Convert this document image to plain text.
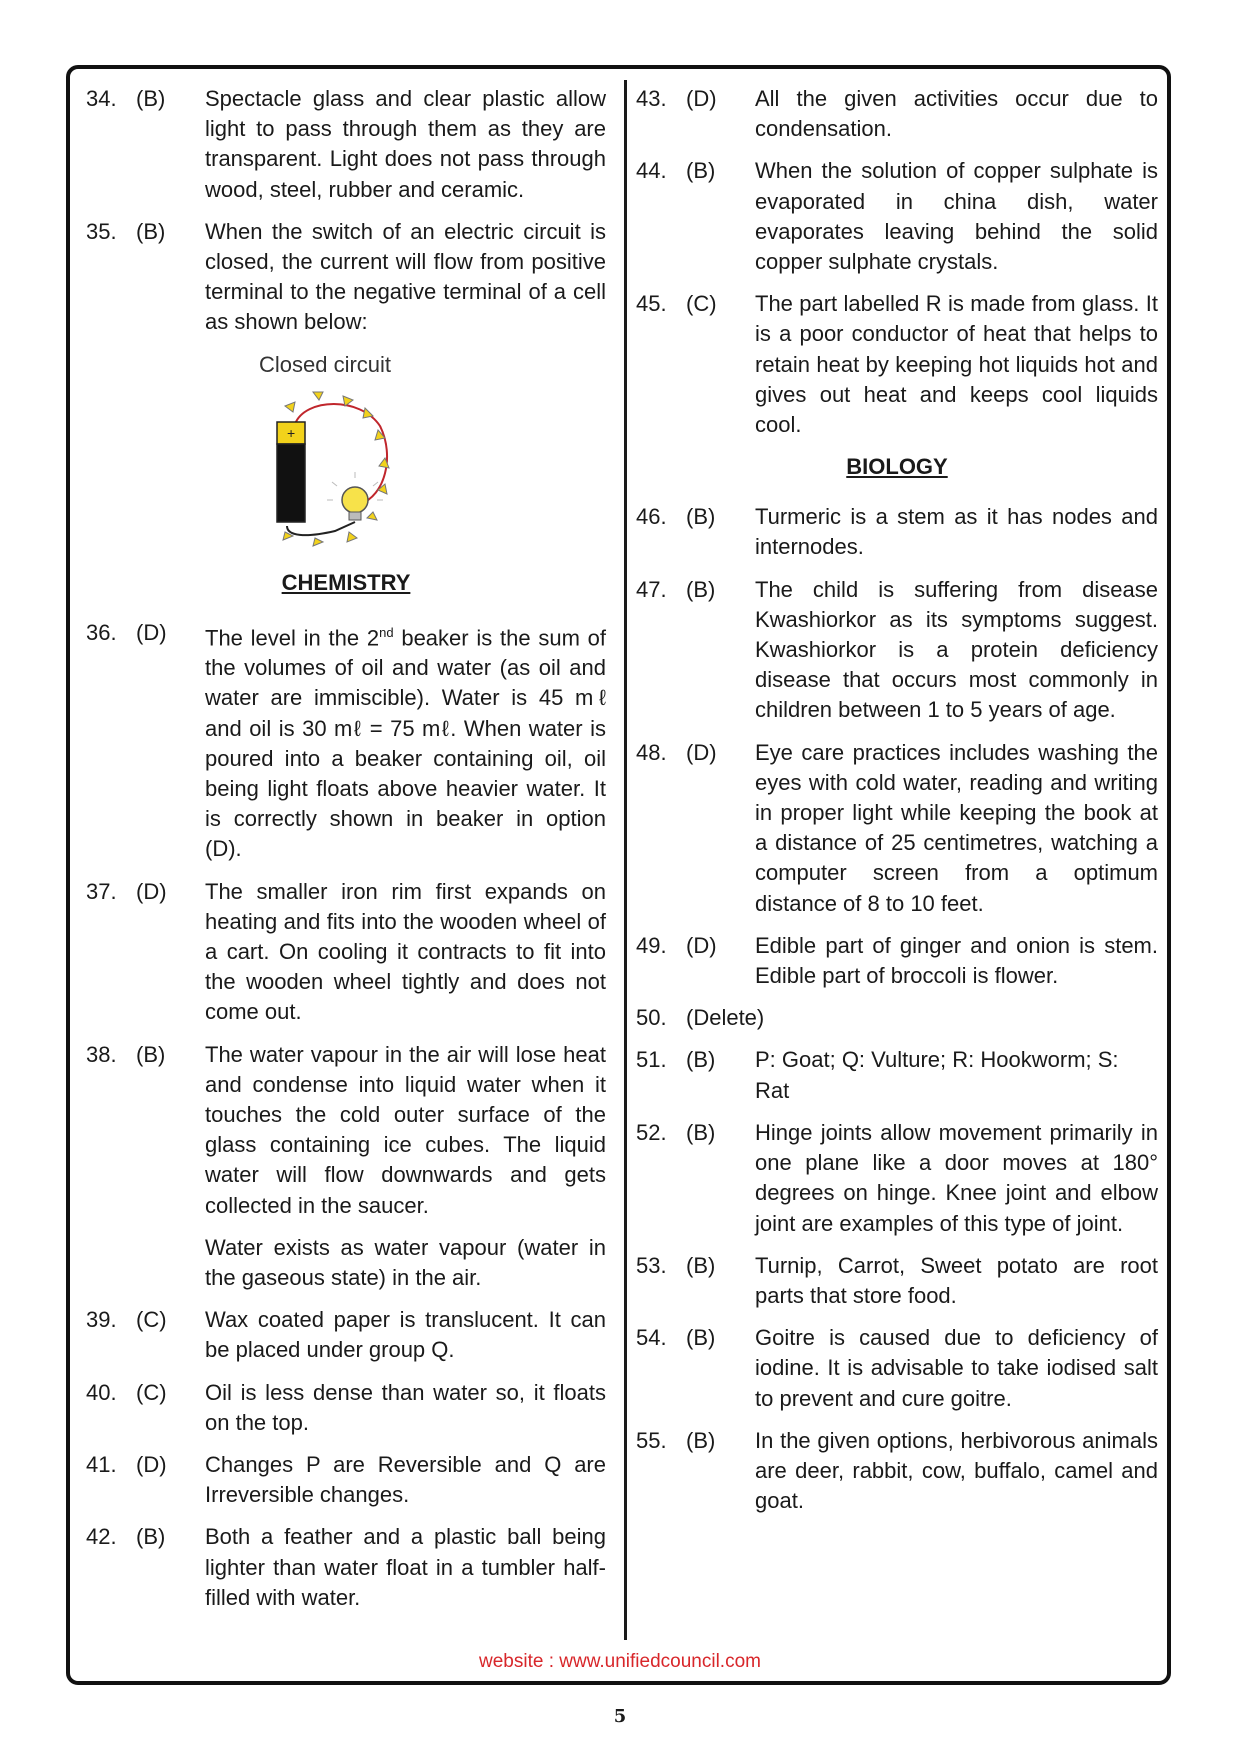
34. (B)	Spectacle glass and clear plastic allow light to pass through them as they are transparent. Light does not pass through wood, steel, rubber and ceramic.
35. (B)	When the switch of an electric circuit is closed, the current will flow from positive terminal to the negative terminal of a cell as shown below:
Closed circuit
+
CHEMISTRY
36. (D)	The level in the 2nd beaker is the sum of the volumes of oil and water (as oil and water are immiscible). Water is 45 mℓ and oil is 30 mℓ = 75 mℓ. When water is poured into a beaker containing oil, oil being light floats above heavier water. It is correctly shown in beaker in option (D).
37. (D)	The smaller iron rim first expands on heating and fits into the wooden wheel of a cart. On cooling it contracts to fit into the wooden wheel tightly and does not come out.
38. (B)	The water vapour in the air will lose heat and condense into liquid water when it touches the cold outer surface of the glass containing ice cubes. The liquid water will flow downwards and gets collected in the saucer.
Water exists as water vapour (water in the gaseous state) in the air.
39. (C)	Wax coated paper is translucent. It can be placed under group Q.
40. (C)	Oil is less dense than water so, it floats on the top.
41. (D)	Changes P are Reversible and Q are Irreversible changes.
42. (B)	Both a feather and a plastic ball being lighter than water float in a tumbler half-filled with water.
43. (D)	All the given activities occur due to condensation.
44. (B)	When the solution of copper sulphate is evaporated in china dish, water evaporates leaving behind the solid copper sulphate crystals.
45. (C)	The part labelled R is made from glass. It is a poor conductor of heat that helps to retain heat by keeping hot liquids hot and gives out heat and keeps cool liquids cool.
BIOLOGY
46. (B)	Turmeric is a stem as it has nodes and internodes.
47. (B)	The child is suffering from disease Kwashiorkor as its symptoms suggest. Kwashiorkor is a protein deficiency disease that occurs most commonly in children between 1 to 5 years of age.
48. (D)	Eye care practices includes washing the eyes with cold water, reading and writing in proper light while keeping the book at a distance of 25 centimetres, watching a computer screen from a optimum distance of 8 to 10 feet.
49. (D)	Edible part of ginger and onion is stem. Edible part of broccoli is flower.
50. (Delete)
51. (B)	P: Goat; Q: Vulture; R: Hookworm; S: Rat
52. (B)	Hinge joints allow movement primarily in one plane like a door moves at 180° degrees on hinge. Knee joint and elbow joint are examples of this type of joint.
53. (B)	Turnip, Carrot, Sweet potato are root parts that store food.
54. (B)	Goitre is caused due to deficiency of iodine. It is advisable to take iodised salt to prevent and cure goitre.
55. (B)	In the given options, herbivorous animals are deer, rabbit, cow, buffalo, camel and goat.
website : www.unifiedcouncil.com
5
